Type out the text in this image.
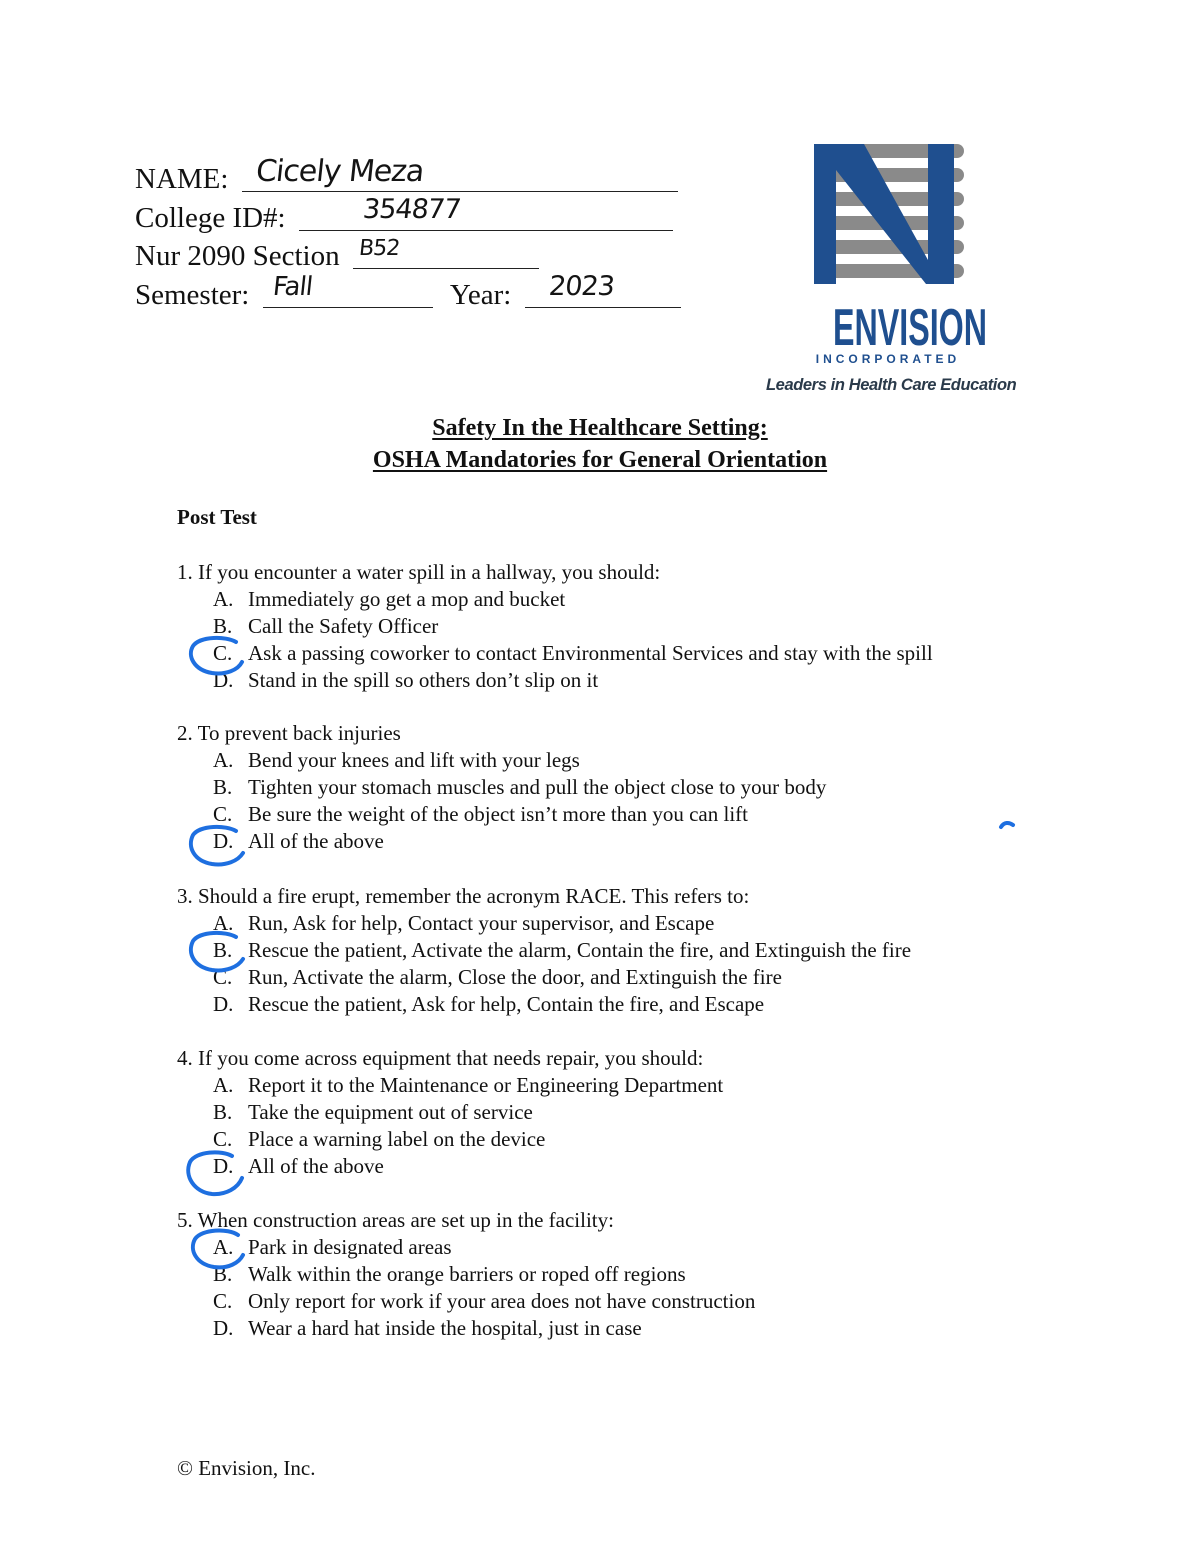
NAME: Cicely Meza
College ID#:	354877
Nur 2090 Section B52
Semester: Fall	Year: 2023
ENVISION
INCORPORATED
Leaders in Health Care Education
Safety In the Healthcare Setting:
OSHA Mandatories for General Orientation
Post Test
1. If you encounter a water spill in a hallway, you should:
A. Immediately go get a mop and bucket
B. Call the Safety Officer
C. Ask a passing coworker to contact Environmental Services and stay with the spill
D. Stand in the spill so others don’t slip on it
2. To prevent back injuries
A. Bend your knees and lift with your legs
B. Tighten your stomach muscles and pull the object close to your body
C. Be sure the weight of the object isn’t more than you can lift
D. All of the above
3. Should a fire erupt, remember the acronym RACE. This refers to:
A. Run, Ask for help, Contact your supervisor, and Escape
B. Rescue the patient, Activate the alarm, Contain the fire, and Extinguish the fire
C. Run, Activate the alarm, Close the door, and Extinguish the fire
D. Rescue the patient, Ask for help, Contain the fire, and Escape
4. If you come across equipment that needs repair, you should:
A. Report it to the Maintenance or Engineering Department
B. Take the equipment out of service
C. Place a warning label on the device
D. All of the above
5. When construction areas are set up in the facility:
A. Park in designated areas
B. Walk within the orange barriers or roped off regions
C. Only report for work if your area does not have construction
D. Wear a hard hat inside the hospital, just in case
© Envision, Inc.
